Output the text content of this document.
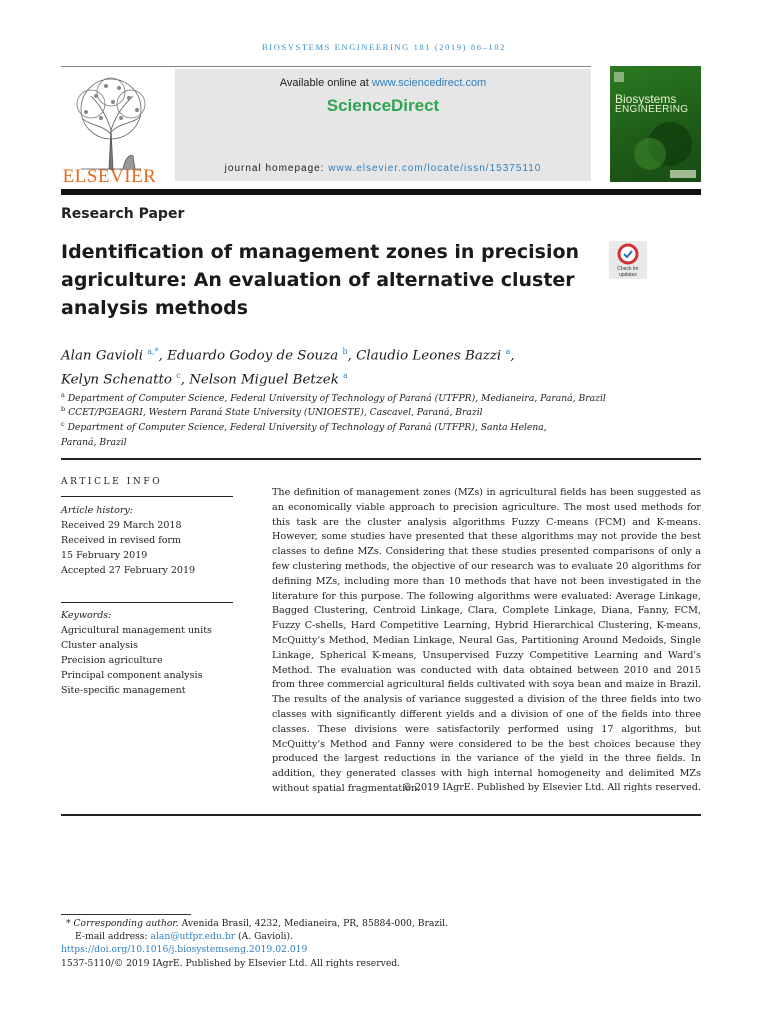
BIOSYSTEMS ENGINEERING 181 (2019) 86–102
ELSEVIER
Available online at www.sciencedirect.com
ScienceDirect
journal homepage: www.elsevier.com/locate/issn/15375110
Biosystems
ENGINEERING
Research Paper
Identification of management zones in precision agriculture: An evaluation of alternative cluster analysis methods
Check for updates
Alan Gavioli $^{a,*}$, Eduardo Godoy de Souza $^b$, Claudio Leones Bazzi $^a$,
Kelyn Schenatto $^c$, Nelson Miguel Betzek $^a$
$^a$ Department of Computer Science, Federal University of Technology of Paraná (UTFPR), Medianeira, Paraná, Brazil
$^b$ CCET/PGEAGRI, Western Paraná State University (UNIOESTE), Cascavel, Paraná, Brazil
$^c$ Department of Computer Science, Federal University of Technology of Paraná (UTFPR), Santa Helena, Paraná, Brazil
ARTICLE INFO
Article history:
Received 29 March 2018
Received in revised form
15 February 2019
Accepted 27 February 2019
Keywords:
Agricultural management units
Cluster analysis
Precision agriculture
Principal component analysis
Site-specific management
The definition of management zones (MZs) in agricultural fields has been suggested as an economically viable approach to precision agriculture. The most used methods for this task are the cluster analysis algorithms Fuzzy C-means (FCM) and K-means. However, some studies have presented that these algorithms may not provide the best classes to define MZs. Considering that these studies presented comparisons of only a few clustering methods, the objective of our research was to evaluate 20 algorithms for defining MZs, including more than 10 methods that have not been investigated in the literature for this purpose. The following algorithms were evaluated: Average Linkage, Bagged Clustering, Centroid Linkage, Clara, Complete Linkage, Diana, Fanny, FCM, Fuzzy C-shells, Hard Competitive Learning, Hybrid Hierarchical Clustering, K-means, McQuitty's Method, Median Linkage, Neural Gas, Partitioning Around Medoids, Single Linkage, Spherical K-means, Unsupervised Fuzzy Competitive Learning and Ward's Method. The evaluation was conducted with data obtained between 2010 and 2015 from three commercial agricultural fields cultivated with soya bean and maize in Brazil. The results of the analysis of variance suggested a division of the three fields into two classes with significantly different yields and a division of one of the fields into three classes. These divisions were satisfactorily performed using 17 algorithms, but McQuitty's Method and Fanny were considered to be the best choices because they produced the largest reductions in the variance of the yield in the three fields. In addition, they generated classes with high internal homogeneity and delimited MZs without spatial fragmentation.
© 2019 IAgrE. Published by Elsevier Ltd. All rights reserved.
* Corresponding author. Avenida Brasil, 4232, Medianeira, PR, 85884-000, Brazil.
E-mail address: alan@utfpr.edu.br (A. Gavioli).
https://doi.org/10.1016/j.biosystemseng.2019.02.019
1537-5110/© 2019 IAgrE. Published by Elsevier Ltd. All rights reserved.
